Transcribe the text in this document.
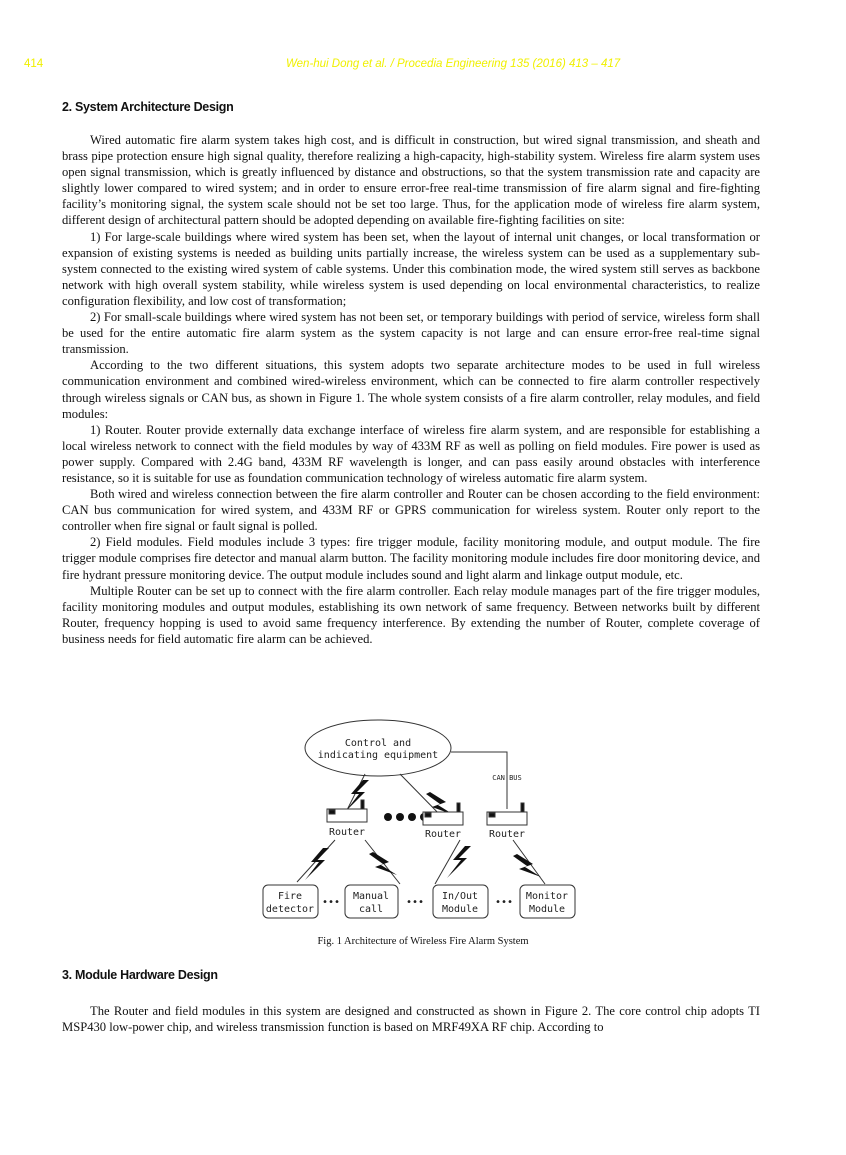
414	Wen-hui Dong et al. / Procedia Engineering 135 (2016) 413 – 417
2. System Architecture Design

Wired automatic fire alarm system takes high cost, and is difficult in construction, but wired signal transmission, and sheath and brass pipe protection ensure high signal quality, therefore realizing a high-capacity, high-stability system. Wireless fire alarm system uses open signal transmission, which is greatly influenced by distance and obstructions, so that the system transmission rate and capacity are slightly lower compared to wired system; and in order to ensure error-free real-time transmission of fire alarm signal and fire-fighting facility’s monitoring signal, the system scale should not be set too large. Thus, for the application mode of wireless fire alarm system, different design of architectural pattern should be adopted depending on available fire-fighting facilities on site:

1) For large-scale buildings where wired system has been set, when the layout of internal unit changes, or local transformation or expansion of existing systems is needed as building units partially increase, the wireless system can be used as a supplementary sub-system connected to the existing wired system of cable systems. Under this combination mode, the wired system still serves as backbone network with high overall system stability, while wireless system is used depending on local environmental characteristics, to realize configuration flexibility, and low cost of transformation;

2) For small-scale buildings where wired system has not been set, or temporary buildings with period of service, wireless form shall be used for the entire automatic fire alarm system as the system capacity is not large and can ensure error-free real-time signal transmission.

According to the two different situations, this system adopts two separate architecture modes to be used in full wireless communication environment and combined wired-wireless environment, which can be connected to fire alarm controller respectively through wireless signals or CAN bus, as shown in Figure 1. The whole system consists of a fire alarm controller, relay modules, and field modules:

1) Router. Router provide externally data exchange interface of wireless fire alarm system, and are responsible for establishing a local wireless network to connect with the field modules by way of 433M RF as well as polling on field modules. Fire power is used as power supply. Compared with 2.4G band, 433M RF wavelength is longer, and can pass easily around obstacles with interference resistance, so it is suitable for use as foundation communication technology of wireless automatic fire alarm system.

Both wired and wireless connection between the fire alarm controller and Router can be chosen according to the field environment: CAN bus communication for wired system, and 433M RF or GPRS communication for wireless system. Router only report to the controller when fire signal or fault signal is polled.

2) Field modules. Field modules include 3 types: fire trigger module, facility monitoring module, and output module. The fire trigger module comprises fire detector and manual alarm button. The facility monitoring module includes fire door monitoring device, and fire hydrant pressure monitoring device. The output module includes sound and light alarm and linkage output module, etc.

Multiple Router can be set up to connect with the fire alarm controller. Each relay module manages part of the fire trigger modules, facility monitoring modules and output modules, establishing its own network of same frequency. Between networks built by different Router, frequency hopping is used to avoid same frequency interference. By extending the number of Router, complete coverage of business needs for field automatic fire alarm can be achieved.

Control and
indicating equipment
CAN BUS
Router	Router	Router
Fire
detector
Manual
call
In/Out
Module
Monitor
Module
•••	•••	•••
Fig. 1 Architecture of Wireless Fire Alarm System
3. Module Hardware Design

The Router and field modules in this system are designed and constructed as shown in Figure 2. The core control chip adopts TI MSP430 low-power chip, and wireless transmission function is based on MRF49XA RF chip. According to
